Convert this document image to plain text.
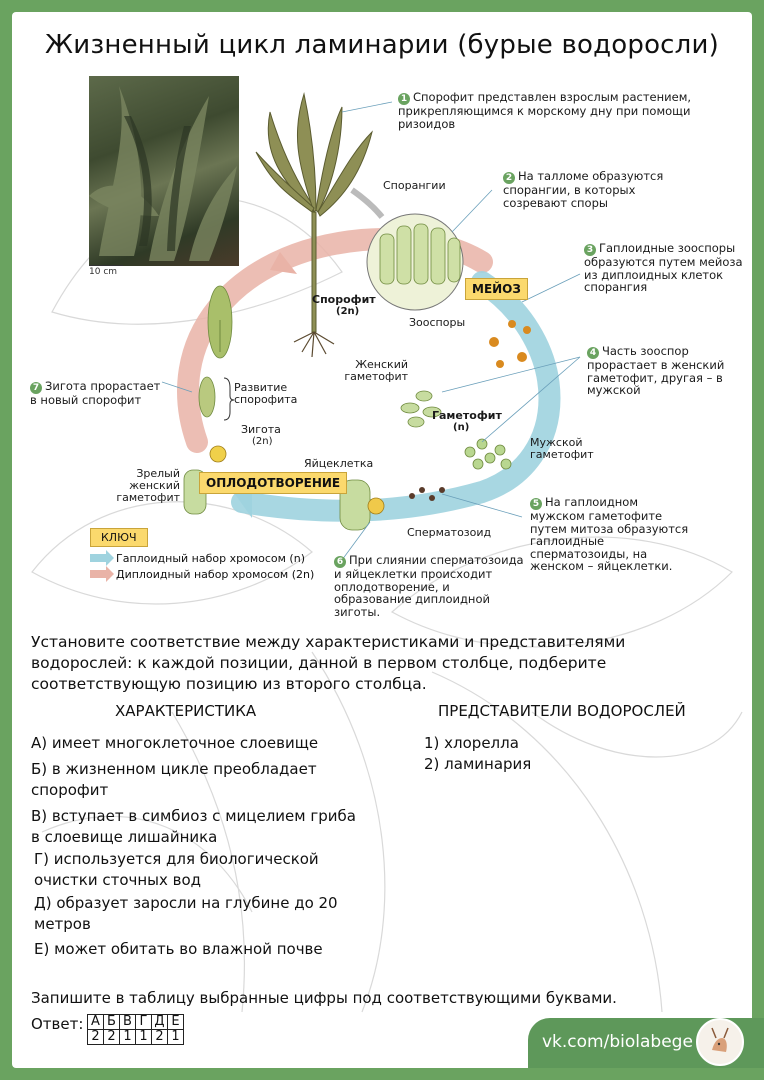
Жизненный цикл ламинарии (бурые водоросли)
10 cm
Спорангии
Спорофит
(2n)
МЕЙОЗ
Зооспоры
Женский гаметофит
Гаметофит
(n)
Мужской гаметофит
Яйцеклетка
Сперматозоид
Зигота
(2n)
Зрелый женский гаметофит
ОПЛОДОТВОРЕНИЕ
Развитие спорофита
1 Спорофит представлен взрослым растением, прикрепляющимся к морскому дну при помощи ризоидов
2 На талломе образуются спорангии, в которых созревают споры
3 Гаплоидные зооспоры образуются путем мейоза из диплоидных клеток спорангия
4 Часть зооспор прорастает в женский гаметофит, другая – в мужской
5 На гаплоидном мужском гаметофите путем митоза образуются гаплоидные сперматозоиды, на женском – яйцеклетки.
6 При слиянии сперматозоида и яйцеклетки происходит оплодотворение, и образование диплоидной зиготы.
7 Зигота прорастает в новый спорофит
КЛЮЧ
Гаплоидный набор хромосом (n)
Диплоидный набор хромосом (2n)
Установите соответствие между характеристиками и представителями водорослей: к каждой позиции, данной в первом столбце, подберите соответствующую позицию из второго столбца.
ХАРАКТЕРИСТИКА	ПРЕДСТАВИТЕЛИ ВОДОРОСЛЕЙ
А) имеет многоклеточное слоевище
Б) в жизненном цикле преобладает
спорофит
В) вступает в симбиоз с мицелием гриба
в слоевище лишайника
Г) используется для биологической
очистки сточных вод
Д) образует заросли на глубине до 20
метров
Е) может обитать во влажной почве
1) хлорелла
2) ламинария
Запишите в таблицу выбранные цифры под соответствующими буквами.
Ответ: А	Б	В	Г	Д	Е
2	2	1	1	2	1	vk.com/biolabege
